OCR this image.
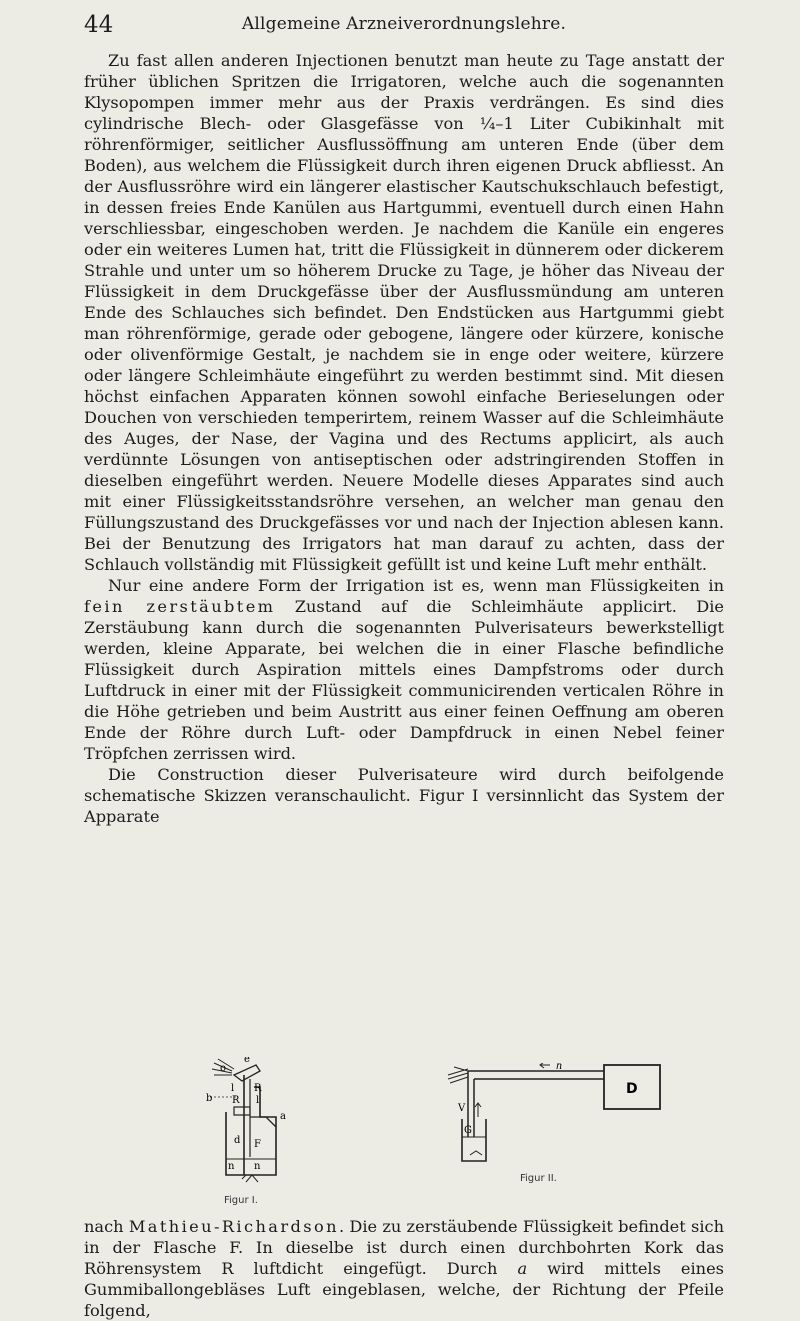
44	Allgemeine Arzneiverordnungslehre.

Zu fast allen anderen Injectionen benutzt man heute zu Tage anstatt der früher üblichen Spritzen die Irrigatoren, welche auch die sogenannten Klysopompen immer mehr aus der Praxis verdrängen. Es sind dies cylindrische Blech- oder Glasgefässe von ¼–1 Liter Cubikinhalt mit röhrenförmiger, seitlicher Ausflussöffnung am unteren Ende (über dem Boden), aus welchem die Flüssigkeit durch ihren eigenen Druck abfliesst. An der Ausflussröhre wird ein längerer elastischer Kautschukschlauch befestigt, in dessen freies Ende Kanülen aus Hartgummi, eventuell durch einen Hahn verschliessbar, eingeschoben werden. Je nachdem die Kanüle ein engeres oder ein weiteres Lumen hat, tritt die Flüssigkeit in dünnerem oder dickerem Strahle und unter um so höherem Drucke zu Tage, je höher das Niveau der Flüssigkeit in dem Druckgefässe über der Ausflussmündung am unteren Ende des Schlauches sich befindet. Den Endstücken aus Hartgummi giebt man röhrenförmige, gerade oder gebogene, längere oder kürzere, konische oder olivenförmige Gestalt, je nachdem sie in enge oder weitere, kürzere oder längere Schleimhäute eingeführt zu werden bestimmt sind. Mit diesen höchst einfachen Apparaten können sowohl einfache Berieselungen oder Douchen von verschieden temperirtem, reinem Wasser auf die Schleimhäute des Auges, der Nase, der Vagina und des Rectums applicirt, als auch verdünnte Lösungen von antiseptischen oder adstringirenden Stoffen in dieselben eingeführt werden. Neuere Modelle dieses Apparates sind auch mit einer Flüssigkeitsstandsröhre versehen, an welcher man genau den Füllungszustand des Druckgefässes vor und nach der Injection ablesen kann. Bei der Benutzung des Irrigators hat man darauf zu achten, dass der Schlauch vollständig mit Flüssigkeit gefüllt ist und keine Luft mehr enthält.

Nur eine andere Form der Irrigation ist es, wenn man Flüssigkeiten in fein zerstäubtem Zustand auf die Schleimhäute applicirt. Die Zerstäubung kann durch die sogenannten Pulverisateurs bewerkstelligt werden, kleine Apparate, bei welchen die in einer Flasche befindliche Flüssigkeit durch Aspiration mittels eines Dampfstroms oder durch Luftdruck in einer mit der Flüssigkeit communicirenden verticalen Röhre in die Höhe getrieben und beim Austritt aus einer feinen Oeffnung am oberen Ende der Röhre durch Luft- oder Dampfdruck in einen Nebel feiner Tröpfchen zerrissen wird.

Die Construction dieser Pulverisateure wird durch beifolgende schematische Skizzen veranschaulicht. Figur I versinnlicht das System der Apparate

e
o
l R
R l
b
a
d F
n n
Figur I.
h
D
V
G
Figur II.

nach Mathieu-Richardson. Die zu zerstäubende Flüssigkeit befindet sich in der Flasche F. In dieselbe ist durch einen durchbohrten Kork das Röhrensystem R luftdicht eingefügt. Durch a wird mittels eines Gummiballongebläses Luft eingeblasen, welche, der Richtung der Pfeile folgend,
